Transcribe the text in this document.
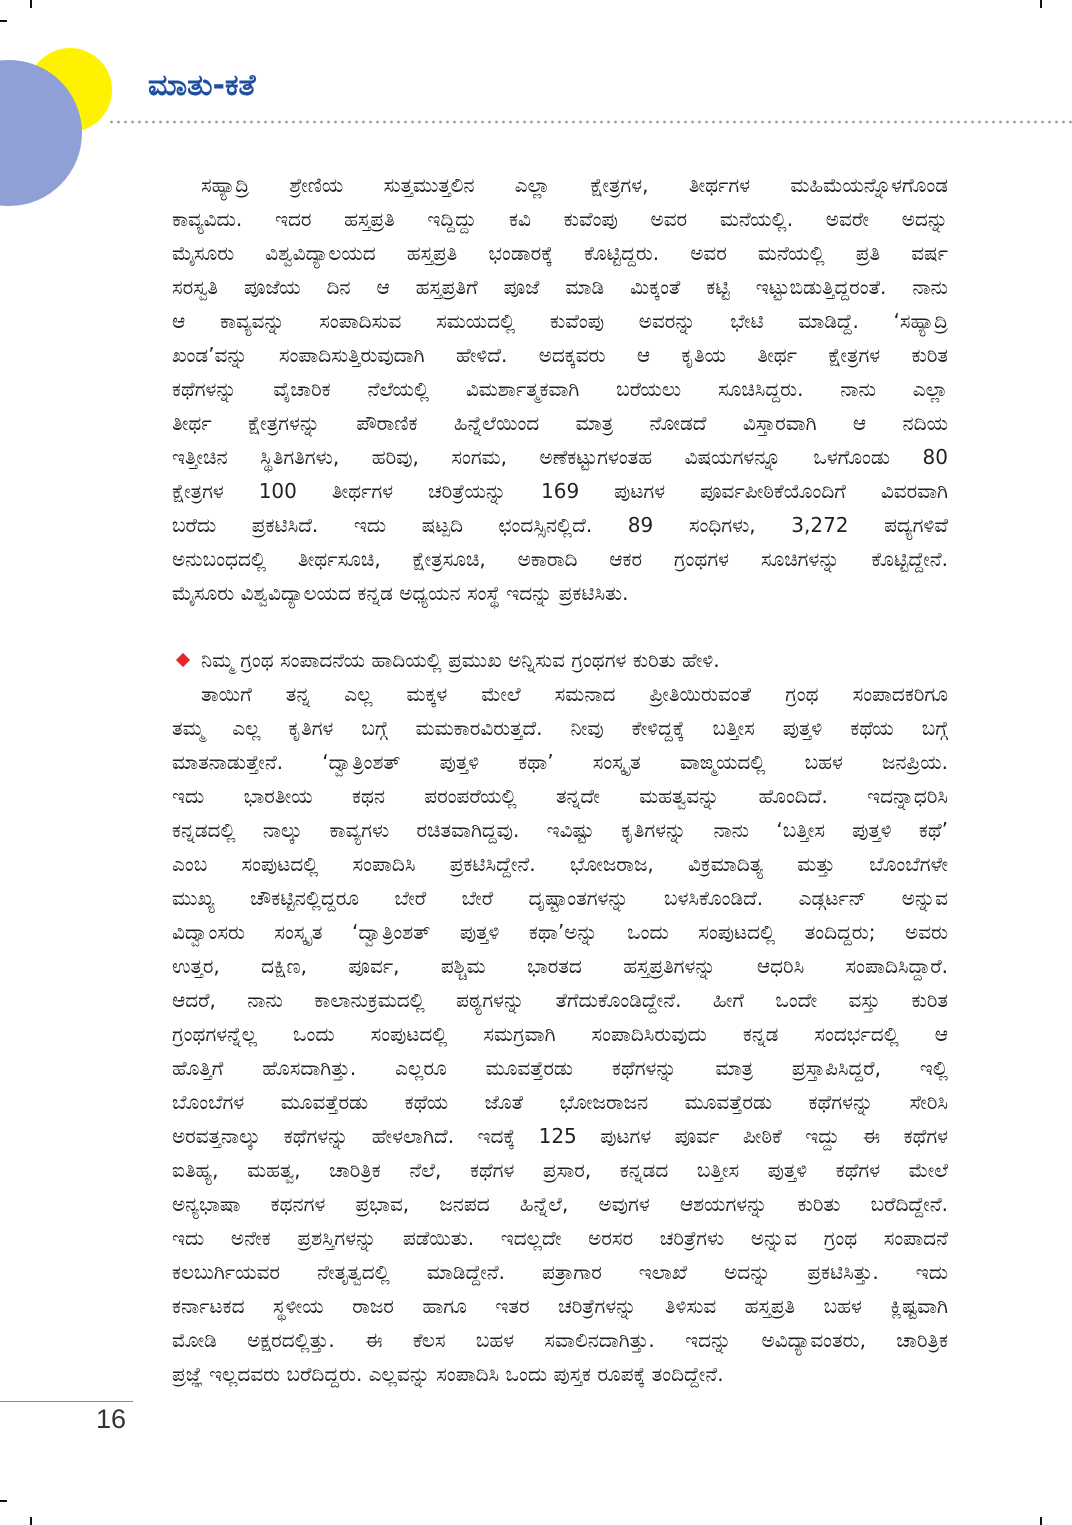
ಮಾತು-ಕತೆ
ಸಹ್ಯಾದ್ರಿ ಶ್ರೇಣಿಯ ಸುತ್ತಮುತ್ತಲಿನ ಎಲ್ಲಾ ಕ್ಷೇತ್ರಗಳ, ತೀರ್ಥಗಳ ಮಹಿಮೆಯನ್ನೊಳಗೊಂಡ
ಕಾವ್ಯವಿದು. ಇದರ ಹಸ್ತಪ್ರತಿ ಇದ್ದಿದ್ದು ಕವಿ ಕುವೆಂಪು ಅವರ ಮನೆಯಲ್ಲಿ. ಅವರೇ ಅದನ್ನು
ಮೈಸೂರು ವಿಶ್ವವಿದ್ಯಾಲಯದ ಹಸ್ತಪ್ರತಿ ಭಂಡಾರಕ್ಕೆ ಕೊಟ್ಟಿದ್ದರು. ಅವರ ಮನೆಯಲ್ಲಿ ಪ್ರತಿ ವರ್ಷ
ಸರಸ್ವತಿ ಪೂಜೆಯ ದಿನ ಆ ಹಸ್ತಪ್ರತಿಗೆ ಪೂಜೆ ಮಾಡಿ ಮಿಕ್ಕಂತೆ ಕಟ್ಟಿ ಇಟ್ಟುಬಿಡುತ್ತಿದ್ದರಂತೆ. ನಾನು
ಆ ಕಾವ್ಯವನ್ನು ಸಂಪಾದಿಸುವ ಸಮಯದಲ್ಲಿ ಕುವೆಂಪು ಅವರನ್ನು ಭೇಟಿ ಮಾಡಿದ್ದೆ. ‘ಸಹ್ಯಾದ್ರಿ
ಖಂಡ’ವನ್ನು ಸಂಪಾದಿಸುತ್ತಿರುವುದಾಗಿ ಹೇಳಿದೆ. ಅದಕ್ಕವರು ಆ ಕೃತಿಯ ತೀರ್ಥ ಕ್ಷೇತ್ರಗಳ ಕುರಿತ
ಕಥೆಗಳನ್ನು ವೈಚಾರಿಕ ನೆಲೆಯಲ್ಲಿ ವಿಮರ್ಶಾತ್ಮಕವಾಗಿ ಬರೆಯಲು ಸೂಚಿಸಿದ್ದರು. ನಾನು ಎಲ್ಲಾ
ತೀರ್ಥ ಕ್ಷೇತ್ರಗಳನ್ನು ಪೌರಾಣಿಕ ಹಿನ್ನೆಲೆಯಿಂದ ಮಾತ್ರ ನೋಡದೆ ವಿಸ್ತಾರವಾಗಿ ಆ ನದಿಯ
ಇತ್ತೀಚಿನ ಸ್ಥಿತಿಗತಿಗಳು, ಹರಿವು, ಸಂಗಮ, ಅಣೆಕಟ್ಟುಗಳಂತಹ ವಿಷಯಗಳನ್ನೂ ಒಳಗೊಂಡು 80
ಕ್ಷೇತ್ರಗಳ 100 ತೀರ್ಥಗಳ ಚರಿತ್ರೆಯನ್ನು 169 ಪುಟಗಳ ಪೂರ್ವಪೀಠಿಕೆಯೊಂದಿಗೆ ವಿವರವಾಗಿ
ಬರೆದು ಪ್ರಕಟಿಸಿದೆ. ಇದು ಷಟ್ಪದಿ ಛಂದಸ್ಸಿನಲ್ಲಿದೆ. 89 ಸಂಧಿಗಳು, 3,272 ಪದ್ಯಗಳಿವೆ
ಅನುಬಂಧದಲ್ಲಿ ತೀರ್ಥಸೂಚಿ, ಕ್ಷೇತ್ರಸೂಚಿ, ಅಕಾರಾದಿ ಆಕರ ಗ್ರಂಥಗಳ ಸೂಚಿಗಳನ್ನು ಕೊಟ್ಟಿದ್ದೇನೆ.
ಮೈಸೂರು ವಿಶ್ವವಿದ್ಯಾಲಯದ ಕನ್ನಡ ಅಧ್ಯಯನ ಸಂಸ್ಥೆ ಇದನ್ನು ಪ್ರಕಟಿಸಿತು.
ನಿಮ್ಮ ಗ್ರಂಥ ಸಂಪಾದನೆಯ ಹಾದಿಯಲ್ಲಿ ಪ್ರಮುಖ ಅನ್ನಿಸುವ ಗ್ರಂಥಗಳ ಕುರಿತು ಹೇಳಿ.
ತಾಯಿಗೆ ತನ್ನ ಎಲ್ಲ ಮಕ್ಕಳ ಮೇಲೆ ಸಮನಾದ ಪ್ರೀತಿಯಿರುವಂತೆ ಗ್ರಂಥ ಸಂಪಾದಕರಿಗೂ
ತಮ್ಮ ಎಲ್ಲ ಕೃತಿಗಳ ಬಗ್ಗೆ ಮಮಕಾರವಿರುತ್ತದೆ. ನೀವು ಕೇಳಿದ್ದಕ್ಕೆ ಬತ್ತೀಸ ಪುತ್ತಳಿ ಕಥೆಯ ಬಗ್ಗೆ
ಮಾತನಾಡುತ್ತೇನೆ. ‘ದ್ವಾತ್ರಿಂಶತ್ ಪುತ್ತಳಿ ಕಥಾ’ ಸಂಸ್ಕೃತ ವಾಙ್ಮಯದಲ್ಲಿ ಬಹಳ ಜನಪ್ರಿಯ.
ಇದು ಭಾರತೀಯ ಕಥನ ಪರಂಪರೆಯಲ್ಲಿ ತನ್ನದೇ ಮಹತ್ವವನ್ನು ಹೊಂದಿದೆ. ಇದನ್ನಾಧರಿಸಿ
ಕನ್ನಡದಲ್ಲಿ ನಾಲ್ಕು ಕಾವ್ಯಗಳು ರಚಿತವಾಗಿದ್ದವು. ಇವಿಷ್ಟು ಕೃತಿಗಳನ್ನು ನಾನು ‘ಬತ್ತೀಸ ಪುತ್ತಳಿ ಕಥೆ’
ಎಂಬ ಸಂಪುಟದಲ್ಲಿ ಸಂಪಾದಿಸಿ ಪ್ರಕಟಿಸಿದ್ದೇನೆ. ಭೋಜರಾಜ, ವಿಕ್ರಮಾದಿತ್ಯ ಮತ್ತು ಬೊಂಬೆಗಳೇ
ಮುಖ್ಯ ಚೌಕಟ್ಟಿನಲ್ಲಿದ್ದರೂ ಬೇರೆ ಬೇರೆ ದೃಷ್ಟಾಂತಗಳನ್ನು ಬಳಸಿಕೊಂಡಿದೆ. ಎಡ್ಗರ್ಟನ್ ಅನ್ನುವ
ವಿದ್ವಾಂಸರು ಸಂಸ್ಕೃತ ‘ದ್ವಾತ್ರಿಂಶತ್ ಪುತ್ತಳಿ ಕಥಾ’ಅನ್ನು ಒಂದು ಸಂಪುಟದಲ್ಲಿ ತಂದಿದ್ದರು; ಅವರು
ಉತ್ತರ, ದಕ್ಷಿಣ, ಪೂರ್ವ, ಪಶ್ಚಿಮ ಭಾರತದ ಹಸ್ತಪ್ರತಿಗಳನ್ನು ಆಧರಿಸಿ ಸಂಪಾದಿಸಿದ್ದಾರೆ.
ಆದರೆ, ನಾನು ಕಾಲಾನುಕ್ರಮದಲ್ಲಿ ಪಠ್ಯಗಳನ್ನು ತೆಗೆದುಕೊಂಡಿದ್ದೇನೆ. ಹೀಗೆ ಒಂದೇ ವಸ್ತು ಕುರಿತ
ಗ್ರಂಥಗಳನ್ನೆಲ್ಲ ಒಂದು ಸಂಪುಟದಲ್ಲಿ ಸಮಗ್ರವಾಗಿ ಸಂಪಾದಿಸಿರುವುದು ಕನ್ನಡ ಸಂದರ್ಭದಲ್ಲಿ ಆ
ಹೊತ್ತಿಗೆ ಹೊಸದಾಗಿತ್ತು. ಎಲ್ಲರೂ ಮೂವತ್ತೆರಡು ಕಥೆಗಳನ್ನು ಮಾತ್ರ ಪ್ರಸ್ತಾಪಿಸಿದ್ದರೆ, ಇಲ್ಲಿ
ಬೊಂಬೆಗಳ ಮೂವತ್ತೆರಡು ಕಥೆಯ ಜೊತೆ ಭೋಜರಾಜನ ಮೂವತ್ತೆರಡು ಕಥೆಗಳನ್ನು ಸೇರಿಸಿ
ಅರವತ್ತನಾಲ್ಕು ಕಥೆಗಳನ್ನು ಹೇಳಲಾಗಿದೆ. ಇದಕ್ಕೆ 125 ಪುಟಗಳ ಪೂರ್ವ ಪೀಠಿಕೆ ಇದ್ದು ಈ ಕಥೆಗಳ
ಐತಿಹ್ಯ, ಮಹತ್ವ, ಚಾರಿತ್ರಿಕ ನೆಲೆ, ಕಥೆಗಳ ಪ್ರಸಾರ, ಕನ್ನಡದ ಬತ್ತೀಸ ಪುತ್ತಳಿ ಕಥೆಗಳ ಮೇಲೆ
ಅನ್ಯಭಾಷಾ ಕಥನಗಳ ಪ್ರಭಾವ, ಜನಪದ ಹಿನ್ನೆಲೆ, ಅವುಗಳ ಆಶಯಗಳನ್ನು ಕುರಿತು ಬರೆದಿದ್ದೇನೆ.
ಇದು ಅನೇಕ ಪ್ರಶಸ್ತಿಗಳನ್ನು ಪಡೆಯಿತು. ಇದಲ್ಲದೇ ಅರಸರ ಚರಿತ್ರೆಗಳು ಅನ್ನುವ ಗ್ರಂಥ ಸಂಪಾದನೆ
ಕಲಬುರ್ಗಿಯವರ ನೇತೃತ್ವದಲ್ಲಿ ಮಾಡಿದ್ದೇನೆ. ಪತ್ರಾಗಾರ ಇಲಾಖೆ ಅದನ್ನು ಪ್ರಕಟಿಸಿತ್ತು. ಇದು
ಕರ್ನಾಟಕದ ಸ್ಥಳೀಯ ರಾಜರ ಹಾಗೂ ಇತರ ಚರಿತ್ರೆಗಳನ್ನು ತಿಳಿಸುವ ಹಸ್ತಪ್ರತಿ ಬಹಳ ಕ್ಲಿಷ್ಟವಾಗಿ
ಮೋಡಿ ಅಕ್ಷರದಲ್ಲಿತ್ತು. ಈ ಕೆಲಸ ಬಹಳ ಸವಾಲಿನದಾಗಿತ್ತು. ಇದನ್ನು ಅವಿದ್ಯಾವಂತರು, ಚಾರಿತ್ರಿಕ
ಪ್ರಜ್ಞೆ ಇಲ್ಲದವರು ಬರೆದಿದ್ದರು. ಎಲ್ಲವನ್ನು ಸಂಪಾದಿಸಿ ಒಂದು ಪುಸ್ತಕ ರೂಪಕ್ಕೆ ತಂದಿದ್ದೇನೆ.
16
